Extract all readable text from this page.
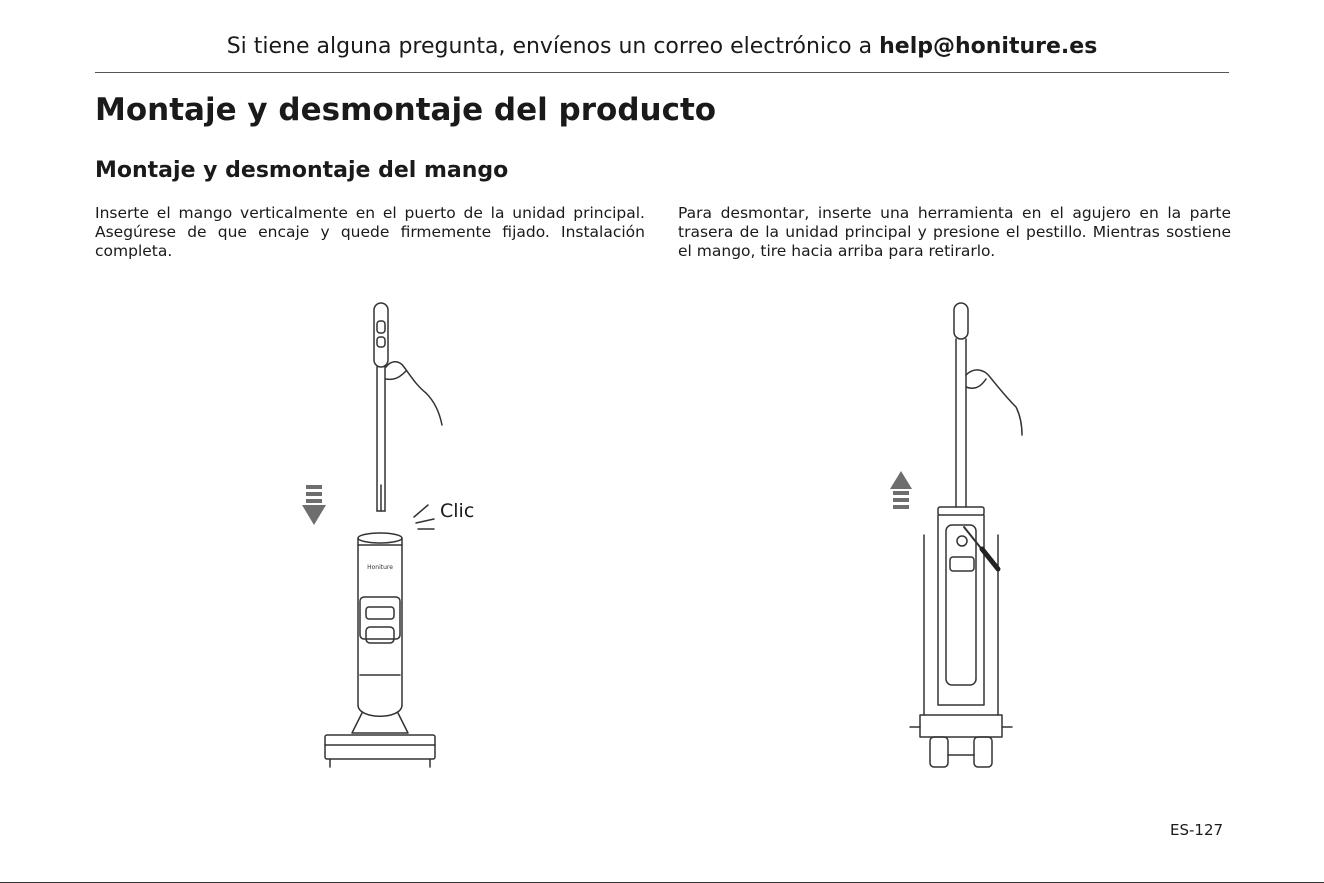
Si tiene alguna pregunta, envíenos un correo electrónico a help@honiture.es
Montaje y desmontaje del producto
Montaje y desmontaje del mango
Inserte el mango verticalmente en el puerto de la unidad principal. Asegúrese de que encaje y quede firmemente fijado. Instalación completa.
Para desmontar, inserte una herramienta en el agujero en la parte trasera de la unidad principal y presione el pestillo. Mientras sostiene el mango, tire hacia arriba para retirarlo.
Clic
Honiture
ES-127
